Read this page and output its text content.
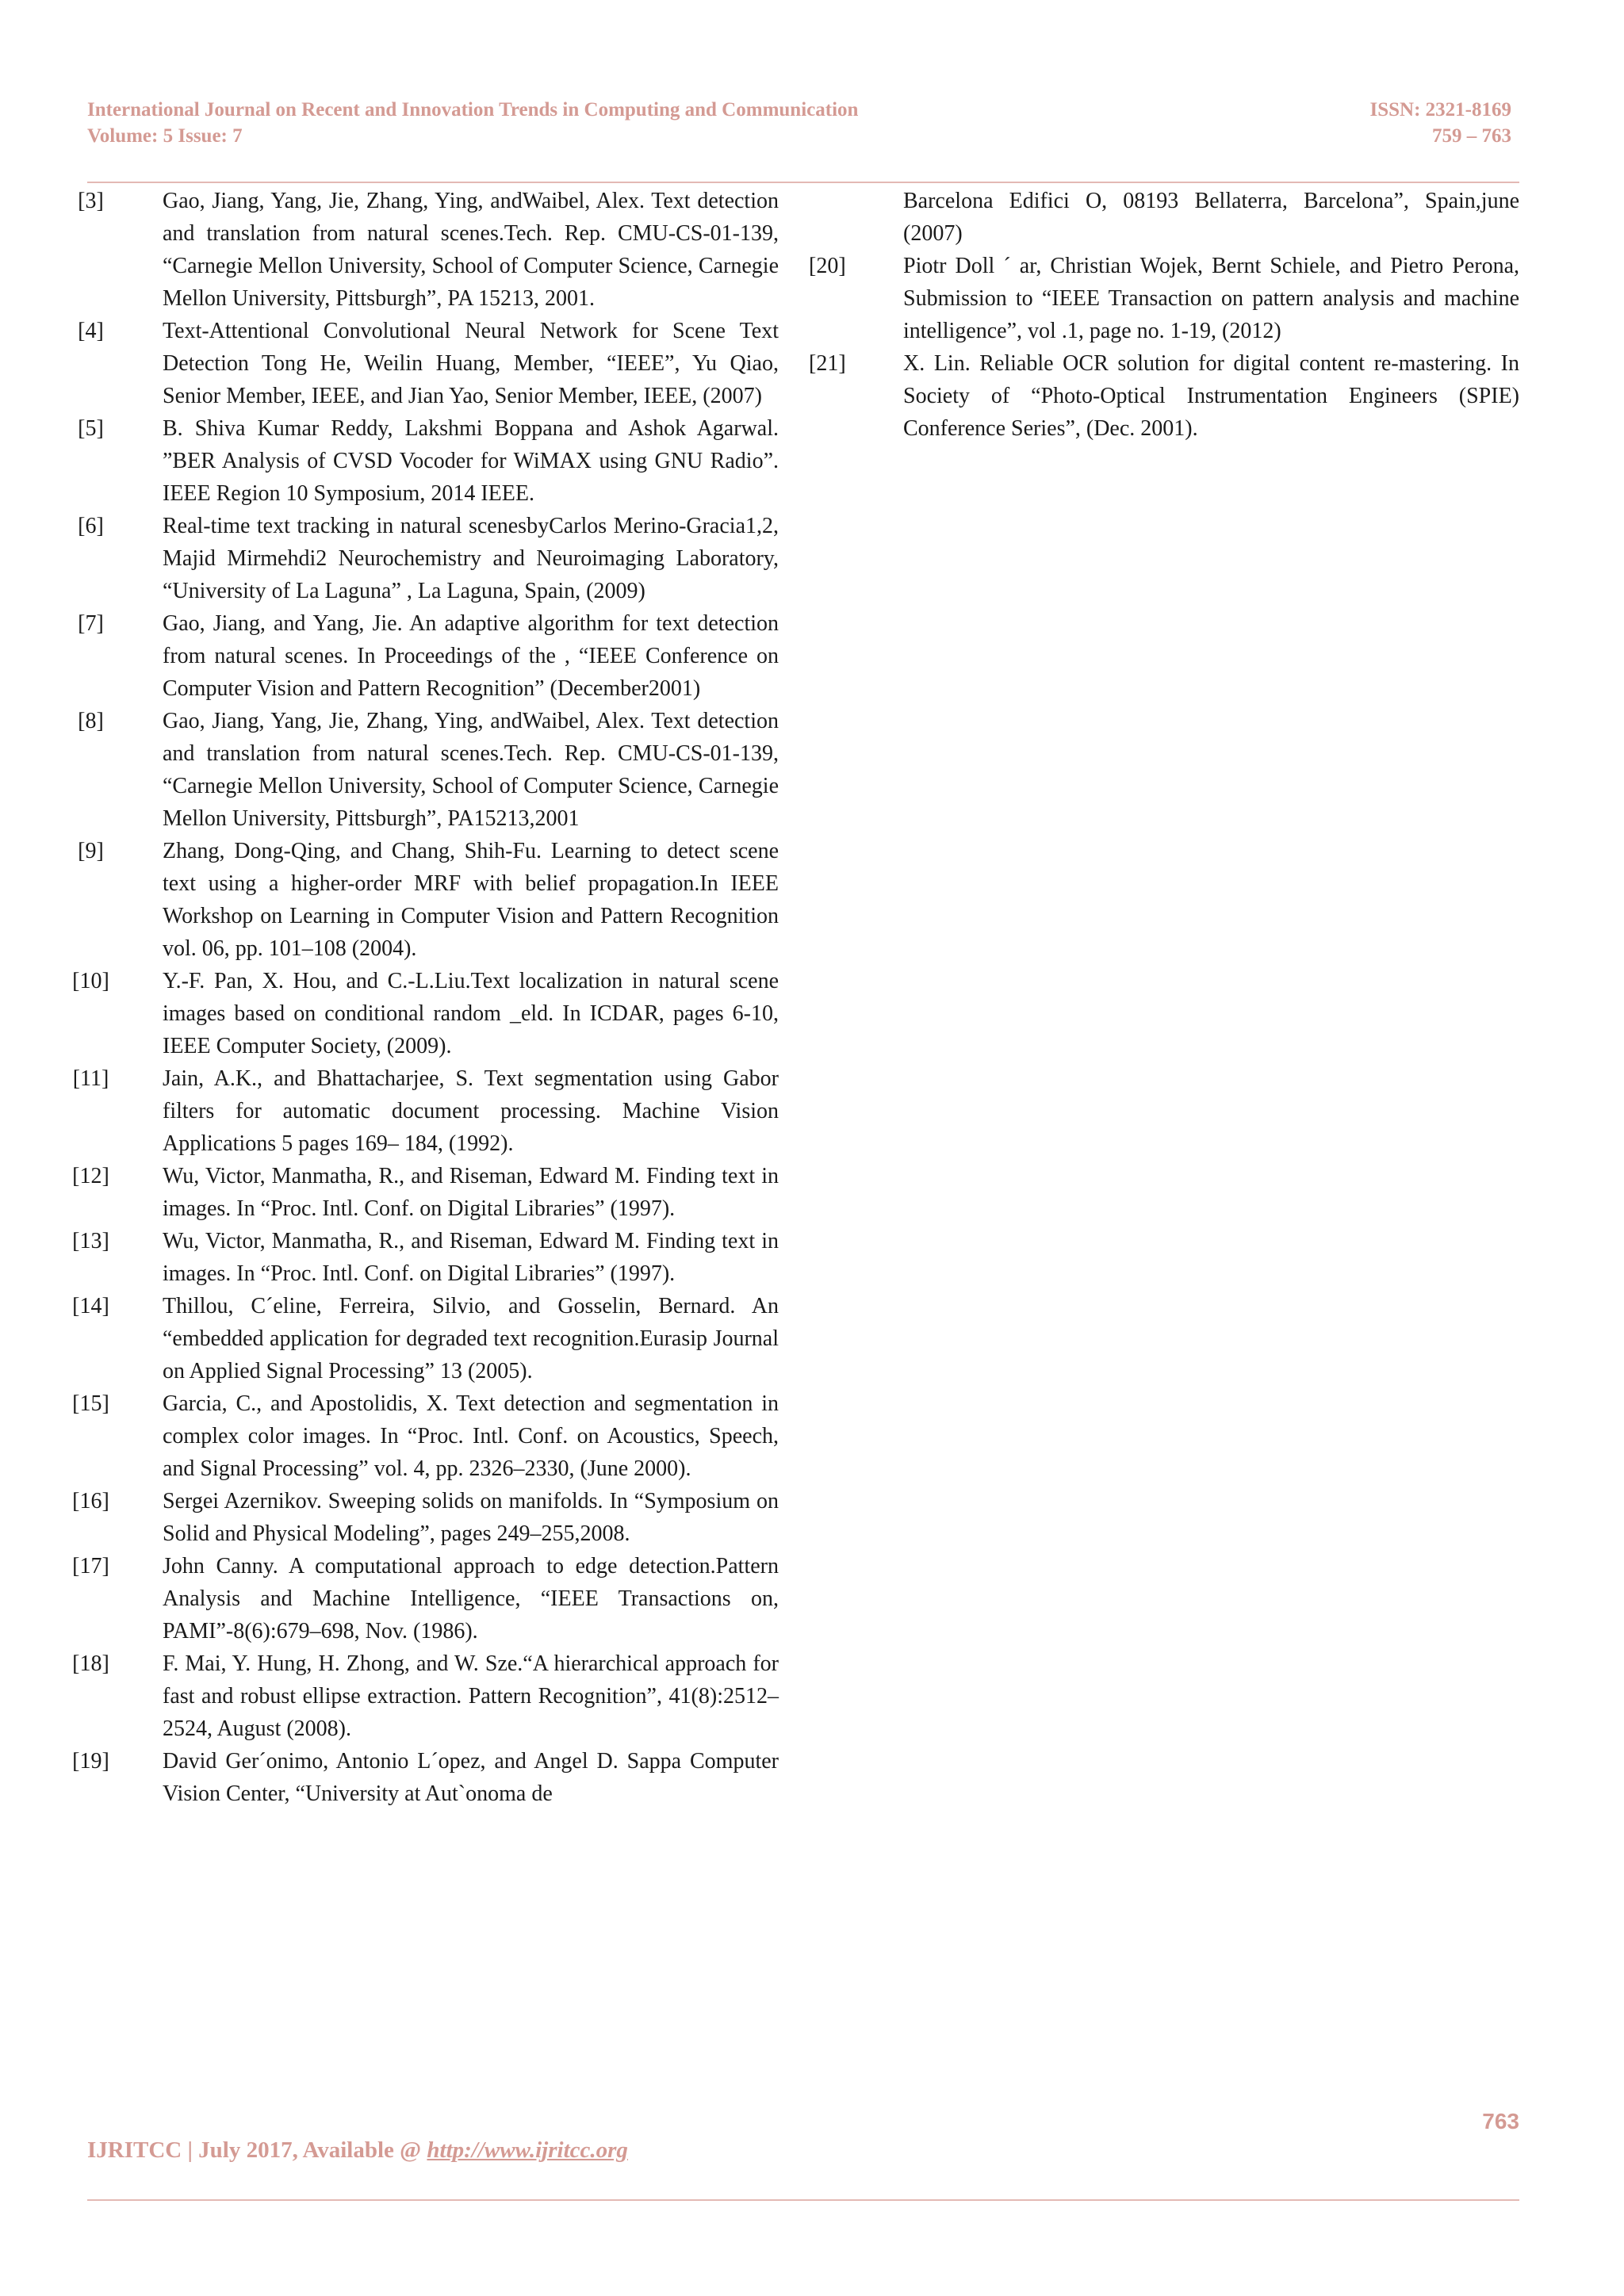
International Journal on Recent and Innovation Trends in Computing and Communication
Volume: 5 Issue: 7
ISSN: 2321-8169
759 – 763
[3]	Gao, Jiang, Yang, Jie, Zhang, Ying, andWaibel, Alex. Text detection and translation from natural scenes.Tech. Rep. CMU-CS-01-139, “Carnegie Mellon University, School of Computer Science, Carnegie Mellon University, Pittsburgh”, PA 15213, 2001.
[4]	Text-Attentional Convolutional Neural Network for Scene Text Detection Tong He, Weilin Huang, Member, “IEEE”, Yu Qiao, Senior Member, IEEE, and Jian Yao, Senior Member, IEEE, (2007)
[5]	B. Shiva Kumar Reddy, Lakshmi Boppana and Ashok Agarwal. ”BER Analysis of CVSD Vocoder for WiMAX using GNU Radio”. IEEE Region 10 Symposium, 2014 IEEE.
[6]	Real-time text tracking in natural scenesbyCarlos Merino-Gracia1,2, Majid Mirmehdi2 Neurochemistry and Neuroimaging Laboratory, “University of La Laguna” , La Laguna, Spain, (2009)
[7]	Gao, Jiang, and Yang, Jie. An adaptive algorithm for text detection from natural scenes. In Proceedings of the , “IEEE Conference on Computer Vision and Pattern Recognition” (December2001)
[8]	Gao, Jiang, Yang, Jie, Zhang, Ying, andWaibel, Alex. Text detection and translation from natural scenes.Tech. Rep. CMU-CS-01-139, “Carnegie Mellon University, School of Computer Science, Carnegie Mellon University, Pittsburgh”, PA15213,2001
[9]	Zhang, Dong-Qing, and Chang, Shih-Fu. Learning to detect scene text using a higher-order MRF with belief propagation.In IEEE Workshop on Learning in Computer Vision and Pattern Recognition vol. 06, pp. 101–108 (2004).
[10]	Y.-F. Pan, X. Hou, and C.-L.Liu.Text localization in natural scene images based on conditional random _eld. In ICDAR, pages 6-10, IEEE Computer Society, (2009).
[11]	Jain, A.K., and Bhattacharjee, S. Text segmentation using Gabor filters for automatic document processing. Machine Vision Applications 5 pages 169– 184, (1992).
[12]	Wu, Victor, Manmatha, R., and Riseman, Edward M. Finding text in images. In “Proc. Intl. Conf. on Digital Libraries” (1997).
[13]	Wu, Victor, Manmatha, R., and Riseman, Edward M. Finding text in images. In “Proc. Intl. Conf. on Digital Libraries” (1997).
[14]	Thillou, C´eline, Ferreira, Silvio, and Gosselin, Bernard. An “embedded application for degraded text recognition.Eurasip Journal on Applied Signal Processing” 13 (2005).
[15]	Garcia, C., and Apostolidis, X. Text detection and segmentation in complex color images. In “Proc. Intl. Conf. on Acoustics, Speech, and Signal Processing” vol. 4, pp. 2326–2330, (June 2000).
[16]	Sergei Azernikov. Sweeping solids on manifolds. In “Symposium on Solid and Physical Modeling”, pages 249–255,2008.
[17]	John Canny. A computational approach to edge detection.Pattern Analysis and Machine Intelligence, “IEEE Transactions on, PAMI”-8(6):679–698, Nov. (1986).
[18]	F. Mai, Y. Hung, H. Zhong, and W. Sze.“A hierarchical approach for fast and robust ellipse extraction. Pattern Recognition”, 41(8):2512–2524, August (2008).
[19]	David Ger´onimo, Antonio L´opez, and Angel D. Sappa Computer Vision Center, “University at Aut`onoma de
Barcelona Edifici O, 08193 Bellaterra, Barcelona”, Spain,june (2007)
[20]	Piotr Doll ´ ar, Christian Wojek, Bernt Schiele, and Pietro Perona, Submission to “IEEE Transaction on pattern analysis and machine intelligence”, vol .1, page no. 1-19, (2012)
[21]	X. Lin. Reliable OCR solution for digital content re-mastering. In Society of “Photo-Optical Instrumentation Engineers (SPIE) Conference Series”, (Dec. 2001).
763
IJRITCC | July 2017, Available @ http://www.ijritcc.org
